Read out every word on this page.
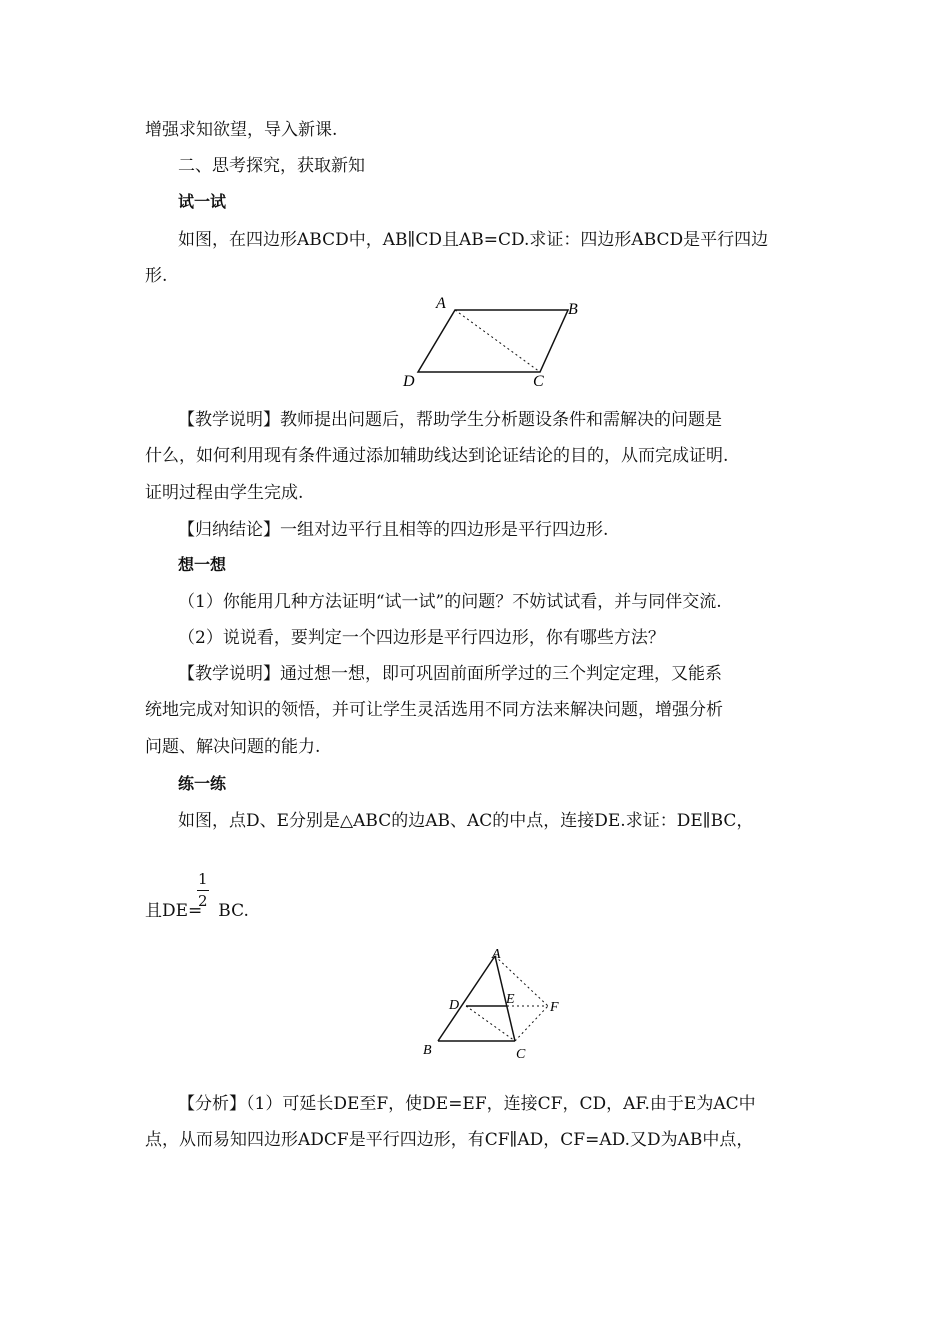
增强求知欲望，导入新课.
二、思考探究，获取新知
试一试
如图，在四边形ABCD中，AB∥CD且AB=CD.求证：四边形ABCD是平行四边
形.
A	B
C
D
【教学说明】教师提出问题后，帮助学生分析题设条件和需解决的问题是
什么，如何利用现有条件通过添加辅助线达到论证结论的目的，从而完成证明.
证明过程由学生完成.
【归纳结论】一组对边平行且相等的四边形是平行四边形.
想一想
（1）你能用几种方法证明“试一试”的问题？不妨试试看，并与同伴交流.
（2）说说看，要判定一个四边形是平行四边形，你有哪些方法？
【教学说明】通过想一想，即可巩固前面所学过的三个判定定理，又能系
统地完成对知识的领悟，并可让学生灵活选用不同方法来解决问题，增强分析
问题、解决问题的能力.
练一练
如图，点D、E分别是△ABC的边AB、AC的中点，连接DE.求证：DE∥BC，
且DE= BC.
1
2
A
B	C
D	E
F
【分析】（1）可延长DE至F，使DE=EF，连接CF，CD，AF.由于E为AC中
点，从而易知四边形ADCF是平行四边形，有CF∥AD，CF=AD.又D为AB中点，
